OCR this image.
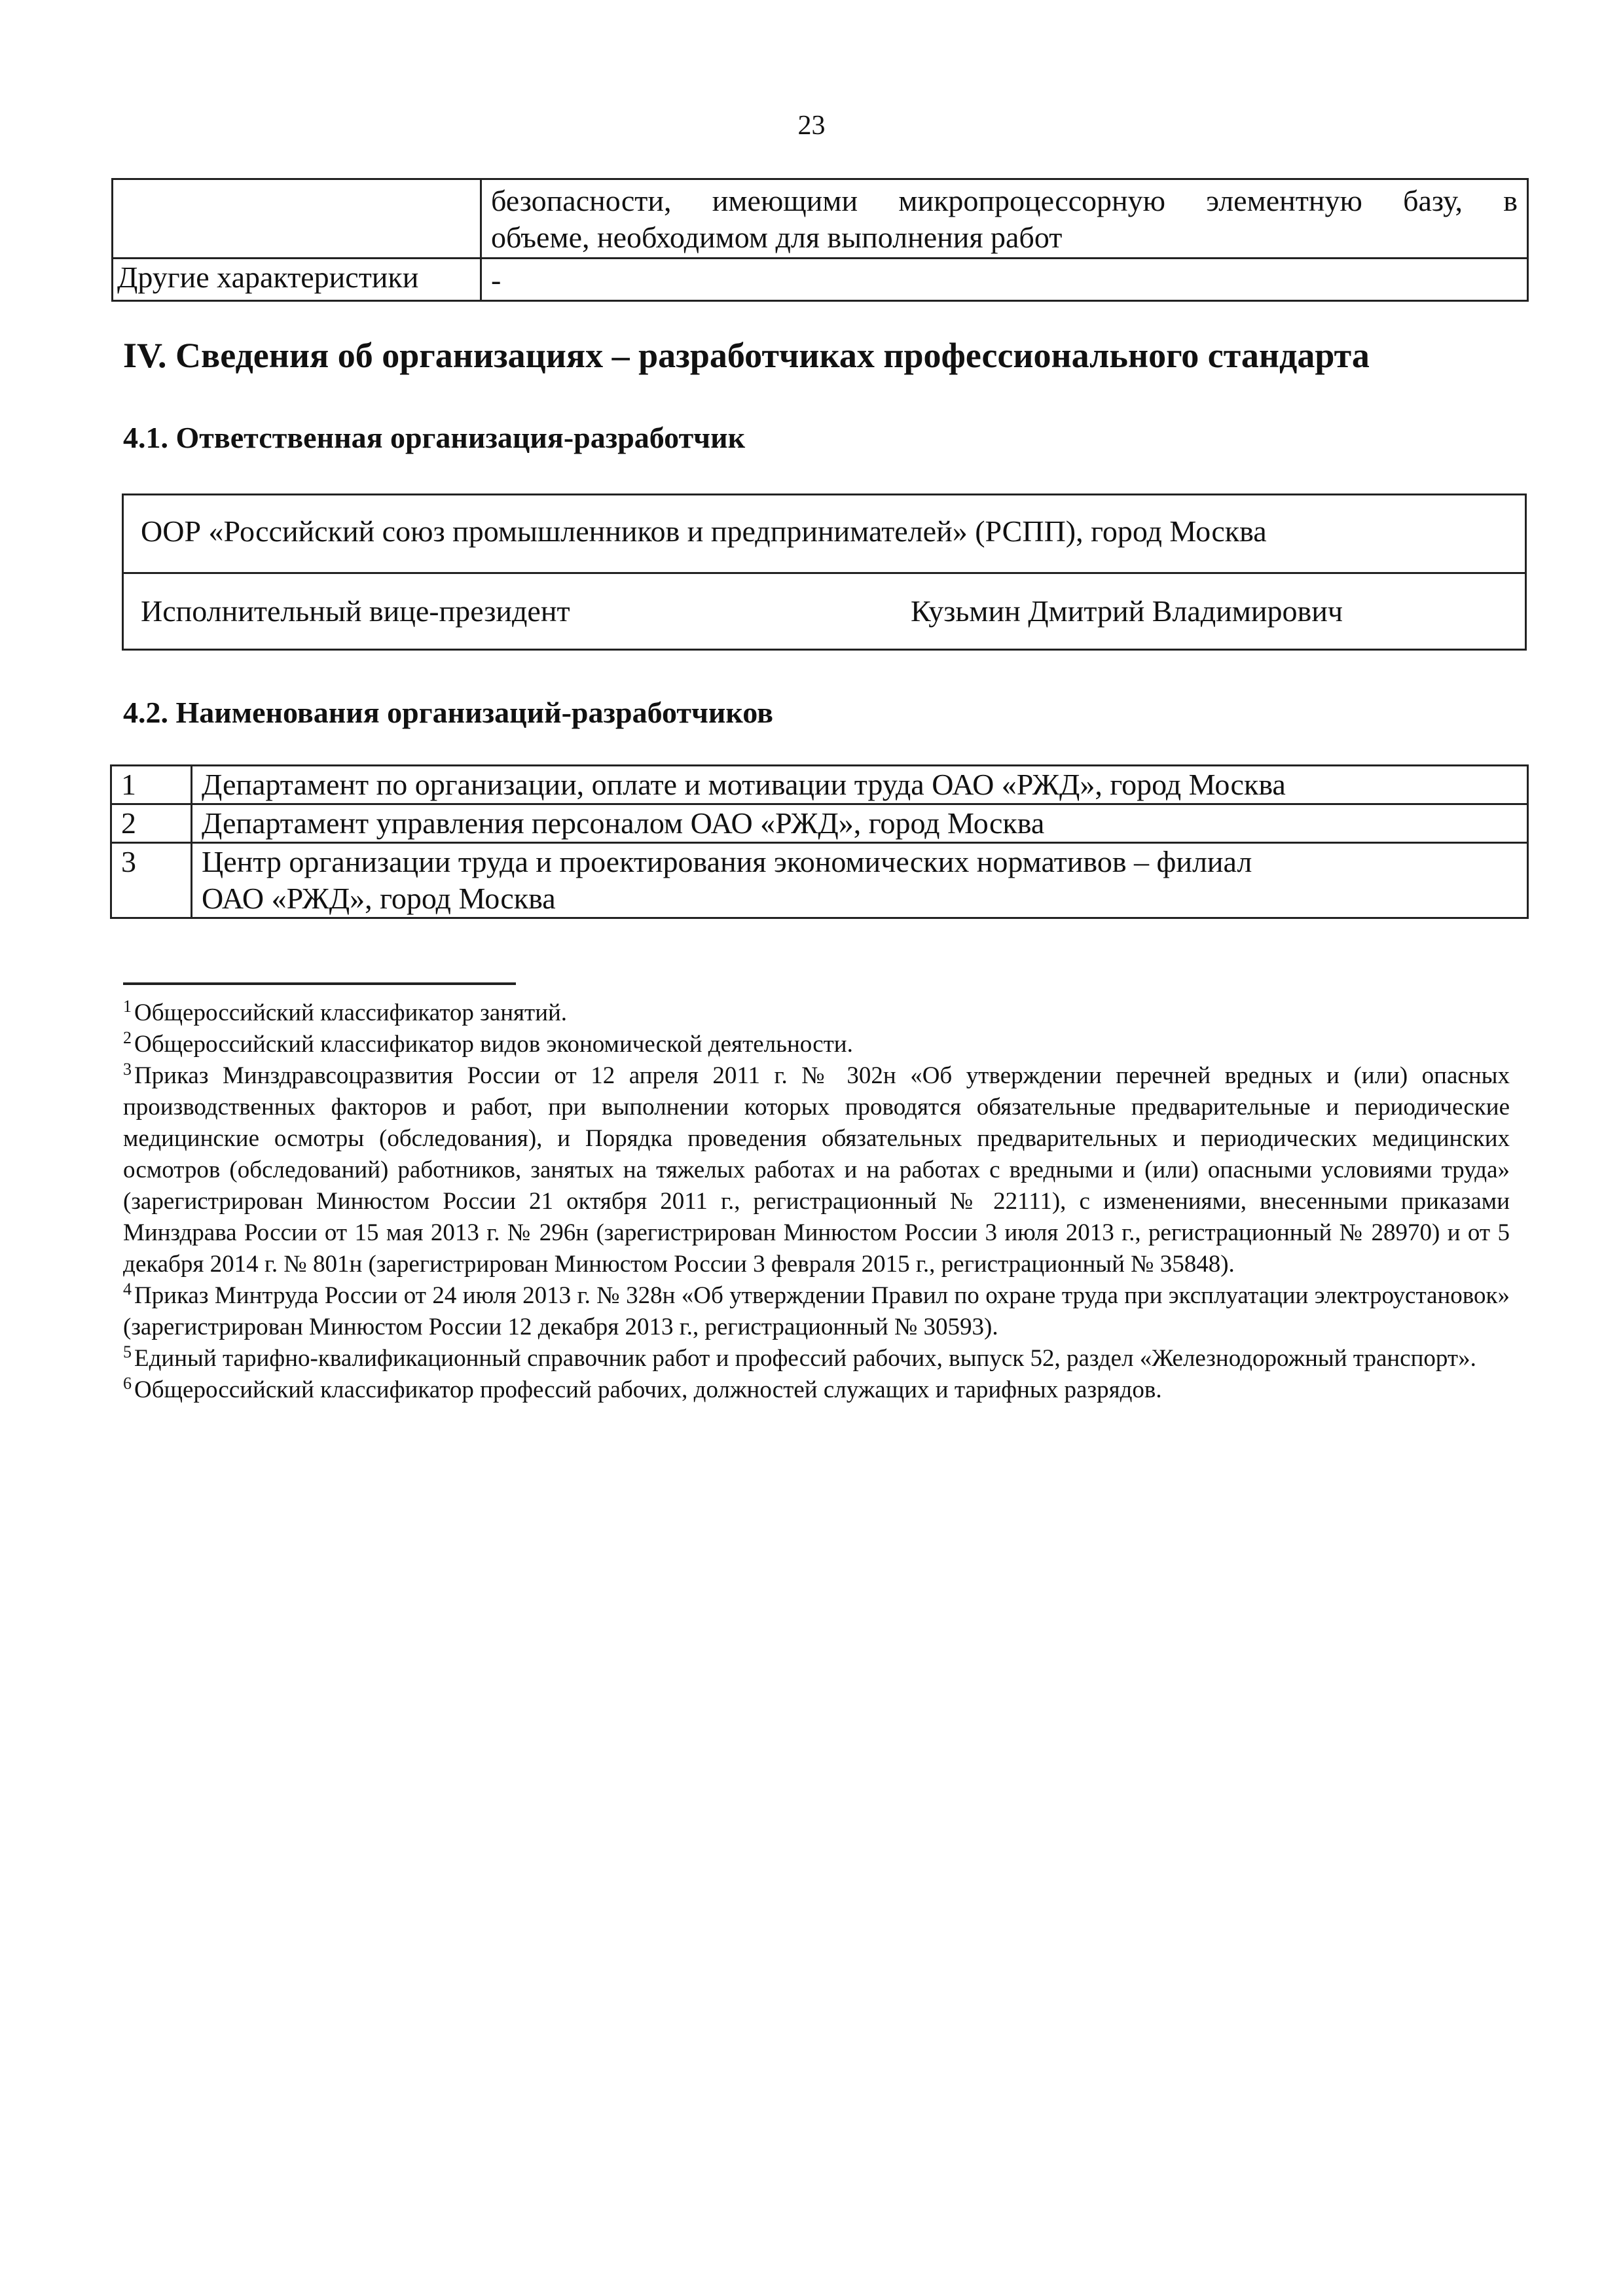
23

	безопасности, имеющими микропроцессорную элементную базу, в
объеме, необходимом для выполнения работ
Другие характеристики	-
IV. Сведения об организациях – разработчиках профессионального стандарта
4.1. Ответственная организация-разработчик
ООР «Российский союз промышленников и предпринимателей» (РСПП), город Москва
Исполнительный вице-президент	Кузьмин Дмитрий Владимирович
4.2. Наименования организаций-разработчиков
1	Департамент по организации, оплате и мотивации труда ОАО «РЖД», город Москва
2	Департамент управления персоналом ОАО «РЖД», город Москва
3	Центр организации труда и проектирования экономических нормативов – филиал
ОАО «РЖД», город Москва
$^1$ Общероссийский классификатор занятий.
$^2$ Общероссийский классификатор видов экономической деятельности.
$^3$ Приказ Минздравсоцразвития России от 12 апреля 2011 г. № 302н «Об утверждении перечней вредных и (или) опасных производственных факторов и работ, при выполнении которых проводятся обязательные предварительные и периодические медицинские осмотры (обследования), и Порядка проведения обязательных предварительных и периодических медицинских осмотров (обследований) работников, занятых на тяжелых работах и на работах с вредными и (или) опасными условиями труда» (зарегистрирован Минюстом России 21 октября 2011 г., регистрационный № 22111), с изменениями, внесенными приказами Минздрава России от 15 мая 2013 г. № 296н (зарегистрирован Минюстом России 3 июля 2013 г., регистрационный № 28970) и от 5 декабря 2014 г. № 801н (зарегистрирован Минюстом России 3 февраля 2015 г., регистрационный № 35848).
$^4$ Приказ Минтруда России от 24 июля 2013 г. № 328н «Об утверждении Правил по охране труда при эксплуатации электроустановок» (зарегистрирован Минюстом России 12 декабря 2013 г., регистрационный № 30593).
$^5$ Единый тарифно-квалификационный справочник работ и профессий рабочих, выпуск 52, раздел «Железнодорожный транспорт».
$^6$ Общероссийский классификатор профессий рабочих, должностей служащих и тарифных разрядов.
